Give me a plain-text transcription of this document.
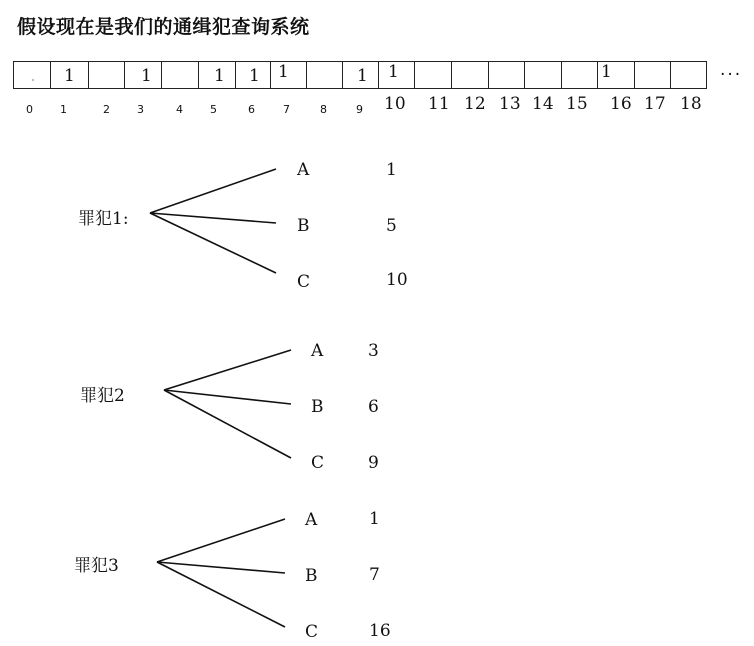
假设现在是我们的通缉犯查询系统
1	1	1 1 1	1 1	1
0 1	2 3	4 5	6	7	8	9 10 11 12 13 14 15 16 17 18
...
罪犯1:
A	1
B	5
C	10
罪犯2
A	3
B	6
C	9
罪犯3
A	1
B	7
C	16
